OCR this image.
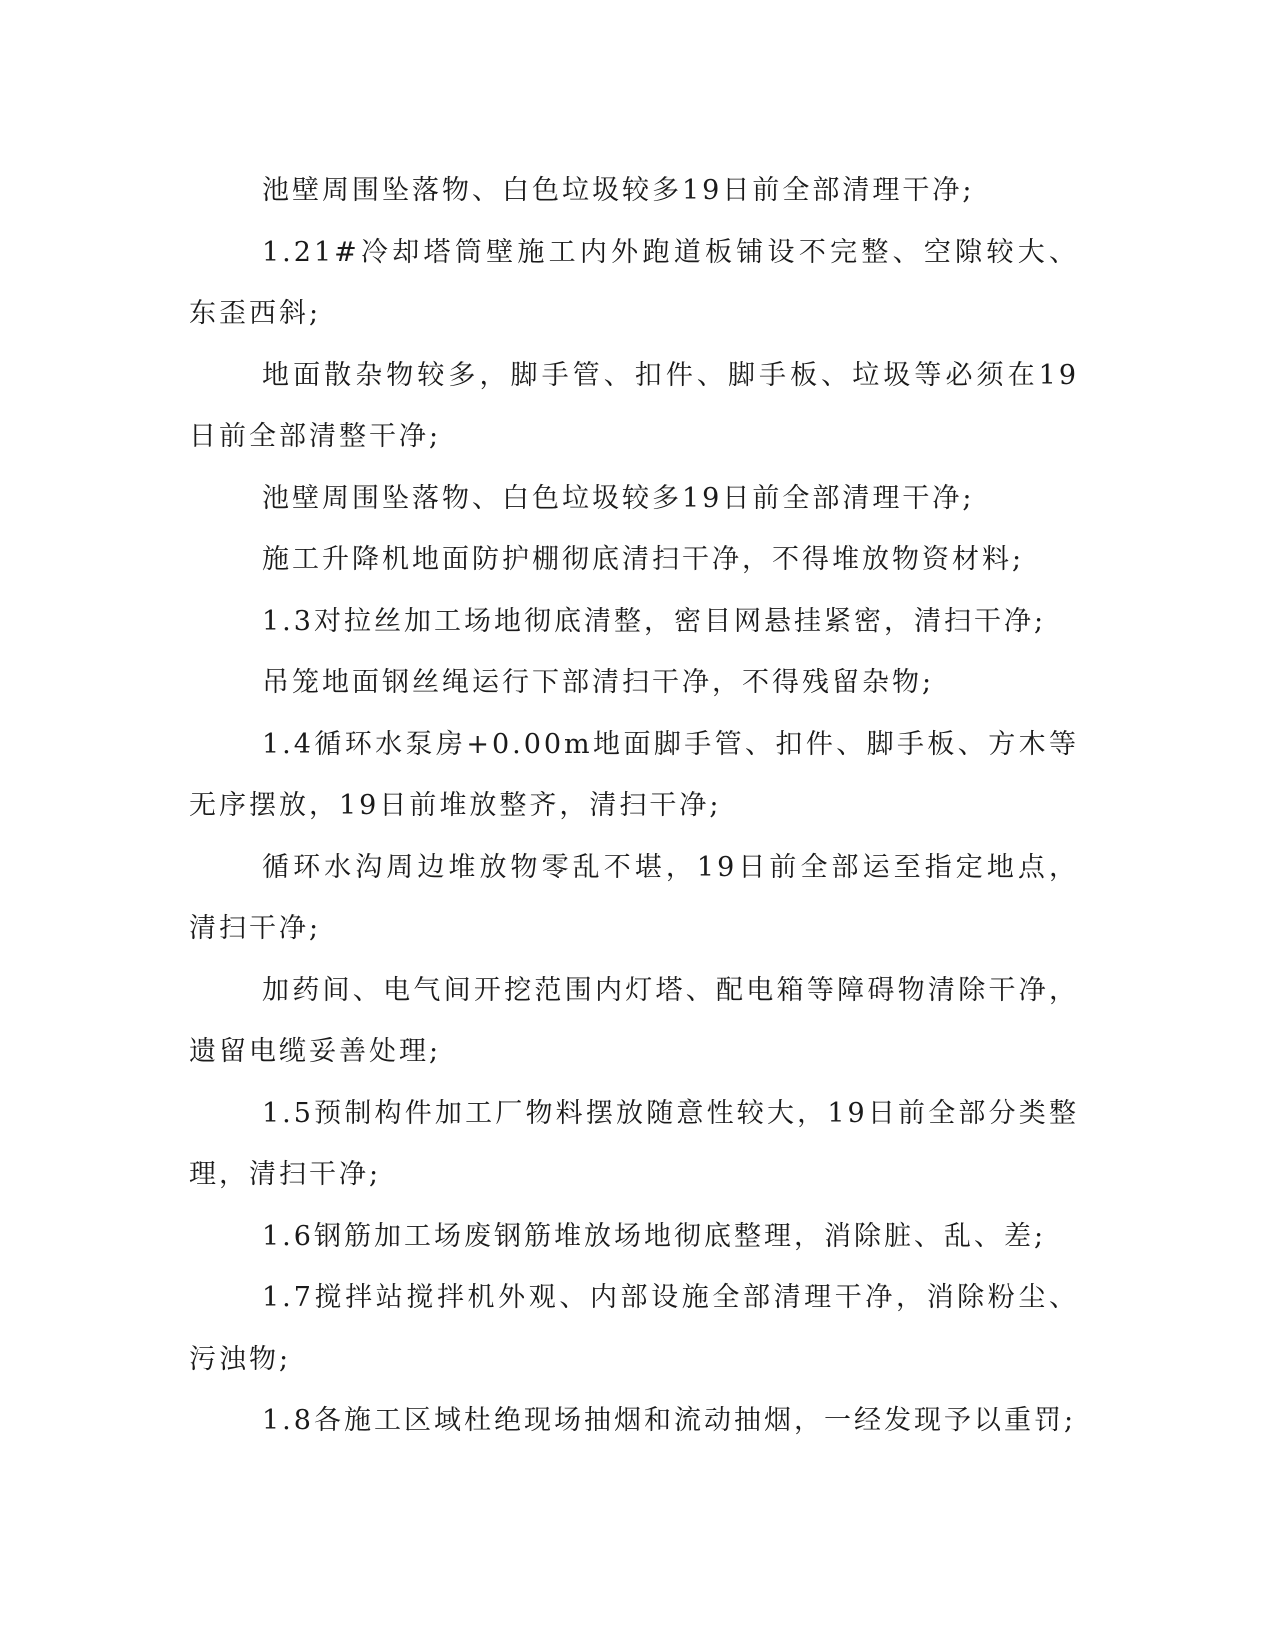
池壁周围坠落物、白色垃圾较多19日前全部清理干净;

1.21#冷却塔筒壁施工内外跑道板铺设不完整、空隙较大、东歪西斜;

地面散杂物较多，脚手管、扣件、脚手板、垃圾等必须在19日前全部清整干净;

池壁周围坠落物、白色垃圾较多19日前全部清理干净;

施工升降机地面防护棚彻底清扫干净，不得堆放物资材料;

1.3对拉丝加工场地彻底清整，密目网悬挂紧密，清扫干净;

吊笼地面钢丝绳运行下部清扫干净，不得残留杂物;

1.4循环水泵房+0.00m地面脚手管、扣件、脚手板、方木等无序摆放，19日前堆放整齐，清扫干净;

循环水沟周边堆放物零乱不堪，19日前全部运至指定地点，清扫干净;

加药间、电气间开挖范围内灯塔、配电箱等障碍物清除干净，遗留电缆妥善处理;

1.5预制构件加工厂物料摆放随意性较大，19日前全部分类整理，清扫干净;

1.6钢筋加工场废钢筋堆放场地彻底整理，消除脏、乱、差;

1.7搅拌站搅拌机外观、内部设施全部清理干净，消除粉尘、污浊物;

1.8各施工区域杜绝现场抽烟和流动抽烟，一经发现予以重罚;
